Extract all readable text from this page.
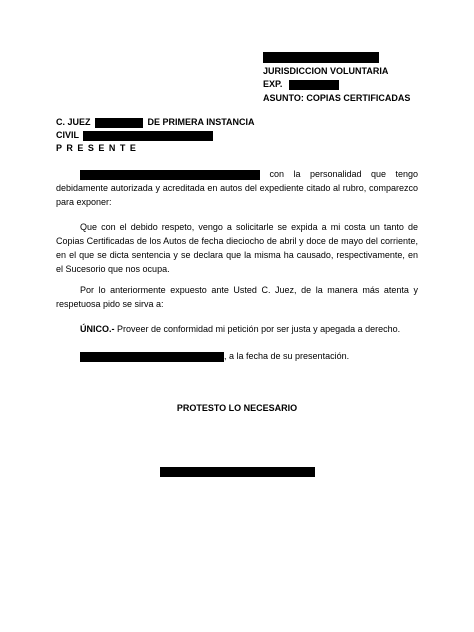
JURISDICCION VOLUNTARIA
EXP.
ASUNTO: COPIAS CERTIFICADAS
C. JUEZ	DE PRIMERA INSTANCIA
CIVIL
P R E S E N T E
con la personalidad que tengo debidamente autorizada y acreditada en autos del expediente citado al rubro, comparezco para exponer:
Que con el debido respeto, vengo a solicitarle se expida a mi costa un tanto de Copias Certificadas de los Autos de fecha dieciocho de abril y doce de mayo del corriente, en el que se dicta sentencia y se declara que la misma ha causado, respectivamente, en el Sucesorio que nos ocupa.
Por lo anteriormente expuesto ante Usted C. Juez, de la manera más atenta y respetuosa pido se sirva a:
ÚNICO.- Proveer de conformidad mi petición por ser justa y apegada a derecho.
, a la fecha de su presentación.
PROTESTO LO NECESARIO
